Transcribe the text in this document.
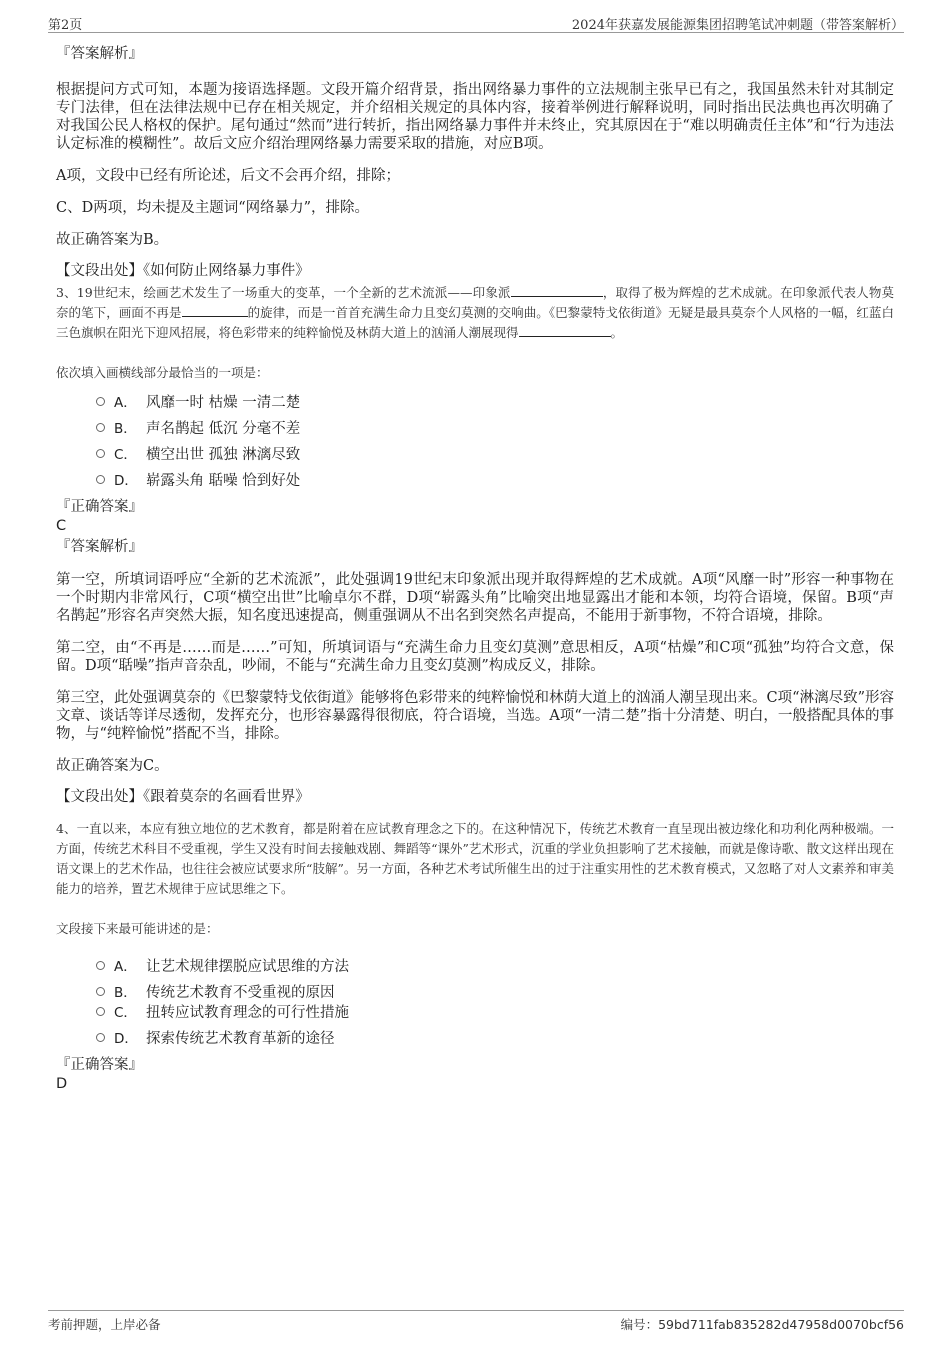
第2页	2024年获嘉发展能源集团招聘笔试冲刺题（带答案解析）
『答案解析』
根据提问方式可知，本题为接语选择题。文段开篇介绍背景，指出网络暴力事件的立法规制主张早已有之，我国虽然未针对其制定专门法律，但在法律法规中已存在相关规定，并介绍相关规定的具体内容，接着举例进行解释说明，同时指出民法典也再次明确了对我国公民人格权的保护。尾句通过“然而”进行转折，指出网络暴力事件并未终止，究其原因在于“难以明确责任主体”和“行为违法认定标准的模糊性”。故后文应介绍治理网络暴力需要采取的措施，对应B项。
A项，文段中已经有所论述，后文不会再介绍，排除；
C、D两项，均未提及主题词“网络暴力”，排除。
故正确答案为B。
【文段出处】《如何防止网络暴力事件》
3、19世纪末，绘画艺术发生了一场重大的变革，一个全新的艺术流派——印象派	，取得了极为辉煌的艺术成就。在印象派代表人物莫奈的笔下，画面不再是	的旋律，而是一首首充满生命力且变幻莫测的交响曲。《巴黎蒙特戈依街道》无疑是最具莫奈个人风格的一幅，红蓝白三色旗帜在阳光下迎风招展，将色彩带来的纯粹愉悦及林荫大道上的汹涌人潮展现得	。
依次填入画横线部分最恰当的一项是：
A． 风靡一时 枯燥 一清二楚
B． 声名鹊起 低沉 分毫不差
C． 横空出世 孤独 淋漓尽致
D． 崭露头角 聒噪 恰到好处
『正确答案』
C
『答案解析』
第一空，所填词语呼应“全新的艺术流派”，此处强调19世纪末印象派出现并取得辉煌的艺术成就。A项“风靡一时”形容一种事物在一个时期内非常风行，C项“横空出世”比喻卓尔不群，D项“崭露头角”比喻突出地显露出才能和本领，均符合语境，保留。B项“声名鹊起”形容名声突然大振，知名度迅速提高，侧重强调从不出名到突然名声提高，不能用于新事物，不符合语境，排除。
第二空，由“不再是……而是……”可知，所填词语与“充满生命力且变幻莫测”意思相反，A项“枯燥”和C项“孤独”均符合文意，保留。D项“聒噪”指声音杂乱，吵闹，不能与“充满生命力且变幻莫测”构成反义，排除。
第三空，此处强调莫奈的《巴黎蒙特戈依街道》能够将色彩带来的纯粹愉悦和林荫大道上的汹涌人潮呈现出来。C项“淋漓尽致”形容文章、谈话等详尽透彻，发挥充分，也形容暴露得很彻底，符合语境，当选。A项“一清二楚”指十分清楚、明白，一般搭配具体的事物，与“纯粹愉悦”搭配不当，排除。
故正确答案为C。
【文段出处】《跟着莫奈的名画看世界》
4、一直以来，本应有独立地位的艺术教育，都是附着在应试教育理念之下的。在这种情况下，传统艺术教育一直呈现出被边缘化和功利化两种极端。一方面，传统艺术科目不受重视，学生又没有时间去接触戏剧、舞蹈等“课外”艺术形式，沉重的学业负担影响了艺术接触，而就是像诗歌、散文这样出现在语文课上的艺术作品，也往往会被应试要求所“肢解”。另一方面，各种艺术考试所催生出的过于注重实用性的艺术教育模式，又忽略了对人文素养和审美能力的培养，置艺术规律于应试思维之下。
文段接下来最可能讲述的是：
A． 让艺术规律摆脱应试思维的方法
B． 传统艺术教育不受重视的原因
C． 扭转应试教育理念的可行性措施
D． 探索传统艺术教育革新的途径
『正确答案』
D
考前押题，上岸必备	编号：59bd711fab835282d47958d0070bcf56
